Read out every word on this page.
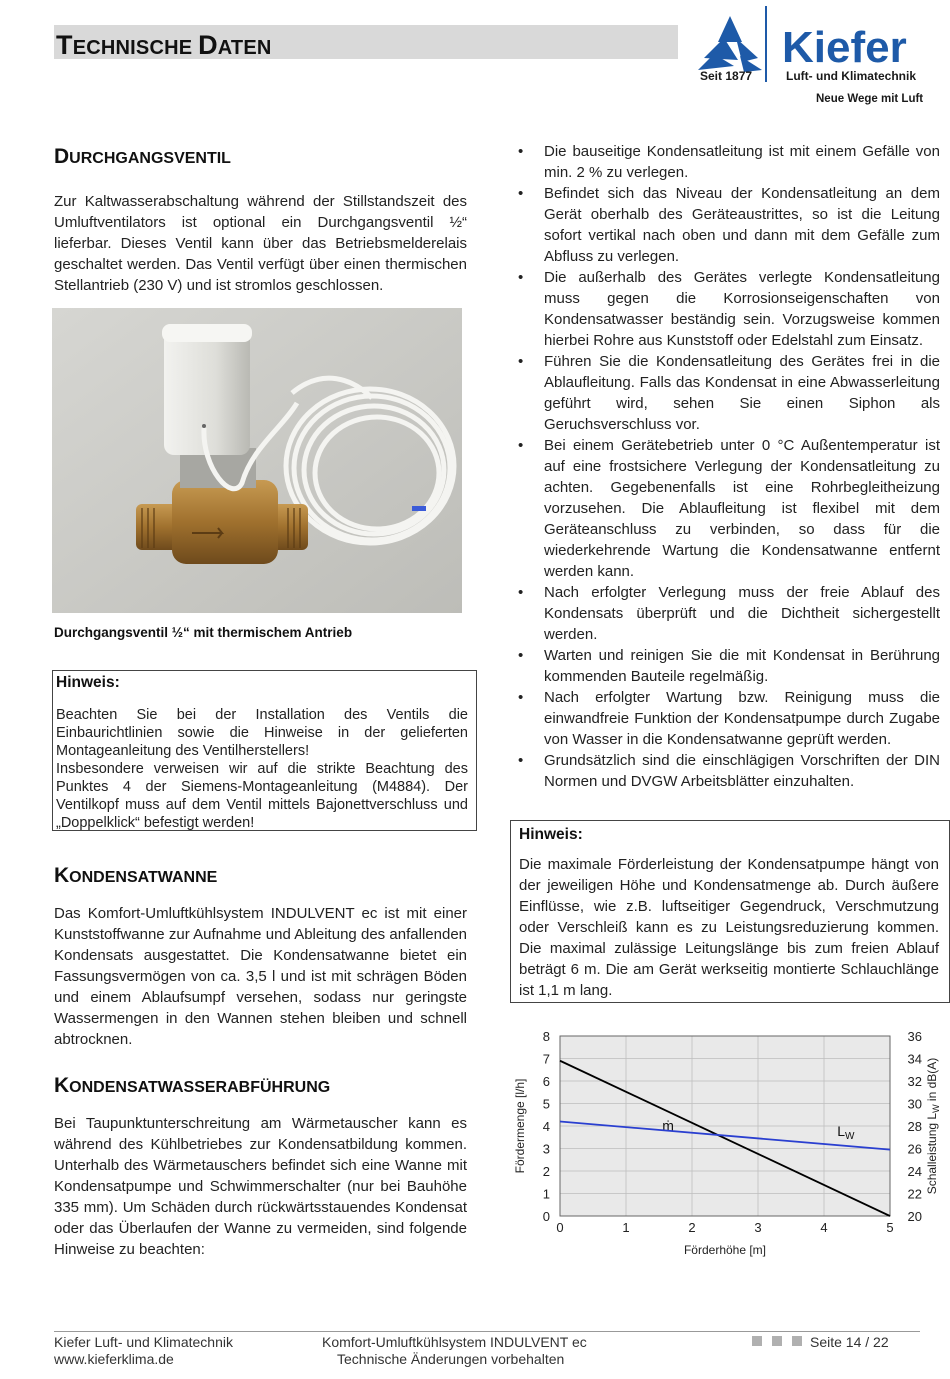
TECHNISCHE DATEN	Kiefer
Seit 1877	Luft- und Klimatechnik
Neue Wege mit Luft
DURCHGANGSVENTIL
Zur Kaltwasserabschaltung während der Stillstandszeit des Umluftventilators ist optional ein Durchgangsventil ½“ lieferbar. Dieses Ventil kann über das Betriebsmelderelais geschaltet werden. Das Ventil verfügt über einen thermischen Stellantrieb (230 V) und ist stromlos geschlossen.
Durchgangsventil ½“ mit thermischem Antrieb
Hinweis:
Beachten Sie bei der Installation des Ventils die Einbaurichtlinien sowie die Hinweise in der gelieferten Montageanleitung des Ventilherstellers!
Insbesondere verweisen wir auf die strikte Beachtung des Punktes 4 der Siemens-Montageanleitung (M4884). Der Ventilkopf muss auf dem Ventil mittels Bajonettverschluss und „Doppelklick“ befestigt werden!
KONDENSATWANNE
Das Komfort-Umluftkühlsystem INDULVENT ec ist mit einer Kunststoffwanne zur Aufnahme und Ableitung des anfallenden Kondensats ausgestattet. Die Kondensatwanne bietet ein Fassungsvermögen von ca. 3,5 l und ist mit schrägen Böden und einem Ablaufsumpf versehen, sodass nur geringste Wassermengen in den Wannen stehen bleiben und schnell abtrocknen.
KONDENSATWASSERABFÜHRUNG
Bei Taupunktunterschreitung am Wärmetauscher kann es während des Kühlbetriebes zur Kondensatbildung kommen. Unterhalb des Wärmetauschers befindet sich eine Wanne mit Kondensatpumpe und Schwimmerschalter (nur bei Bauhöhe 335 mm). Um Schäden durch rückwärtsstauendes Kondensat oder das Überlaufen der Wanne zu vermeiden, sind folgende Hinweise zu beachten:
• Die bauseitige Kondensatleitung ist mit einem Gefälle von min. 2 % zu verlegen.
• Befindet sich das Niveau der Kondensatleitung an dem Gerät oberhalb des Geräteaustrittes, so ist die Leitung sofort vertikal nach oben und dann mit dem Gefälle zum Abfluss zu verlegen.
• Die außerhalb des Gerätes verlegte Kondensatleitung muss gegen die Korrosionseigenschaften von Kondensatwasser beständig sein. Vorzugsweise kommen hierbei Rohre aus Kunststoff oder Edelstahl zum Einsatz.
• Führen Sie die Kondensatleitung des Gerätes frei in die Ablaufleitung. Falls das Kondensat in eine Abwasserleitung geführt wird, sehen Sie einen Siphon als Geruchsverschluss vor.
• Bei einem Gerätebetrieb unter 0 °C Außentemperatur ist auf eine frostsichere Verlegung der Kondensatleitung zu achten. Gegebenenfalls ist eine Rohrbegleitheizung vorzusehen. Die Ablaufleitung ist flexibel mit dem Geräteanschluss zu verbinden, so dass für die wiederkehrende Wartung die Kondensatwanne entfernt werden kann.
• Nach erfolgter Verlegung muss der freie Ablauf des Kondensats überprüft und die Dichtheit sichergestellt werden.
• Warten und reinigen Sie die mit Kondensat in Berührung kommenden Bauteile regelmäßig.
• Nach erfolgter Wartung bzw. Reinigung muss die einwandfreie Funktion der Kondensatpumpe durch Zugabe von Wasser in die Kondensatwanne geprüft werden.
• Grundsätzlich sind die einschlägigen Vorschriften der DIN Normen und DVGW Arbeitsblätter einzuhalten.
Hinweis:
Die maximale Förderleistung der Kondensatpumpe hängt von der jeweiligen Höhe und Kondensatmenge ab. Durch äußere Einflüsse, wie z.B. luftseitiger Gegendruck, Verschmutzung oder Verschleiß kann es zu Leistungsreduzierung kommen. Die maximal zulässige Leitungslänge bis zum freien Ablauf beträgt 6 m. Die am Gerät werkseitig montierte Schlauchlänge ist 1,1 m lang.
0
1
2
3
4
5
6
7
8
20
22
24
26
28
30
32
34
36
0	1	2	3	4	5
Förderhöhe [m]
Fördermenge [l/h]	Schalleistung $L_W$ in dB(A)
ṁ	$L_W$
Kiefer Luft- und Klimatechnik
www.kieferklima.de
Komfort-Umluftkühlsystem INDULVENT ec
Technische Änderungen vorbehalten
Seite 14 / 22
